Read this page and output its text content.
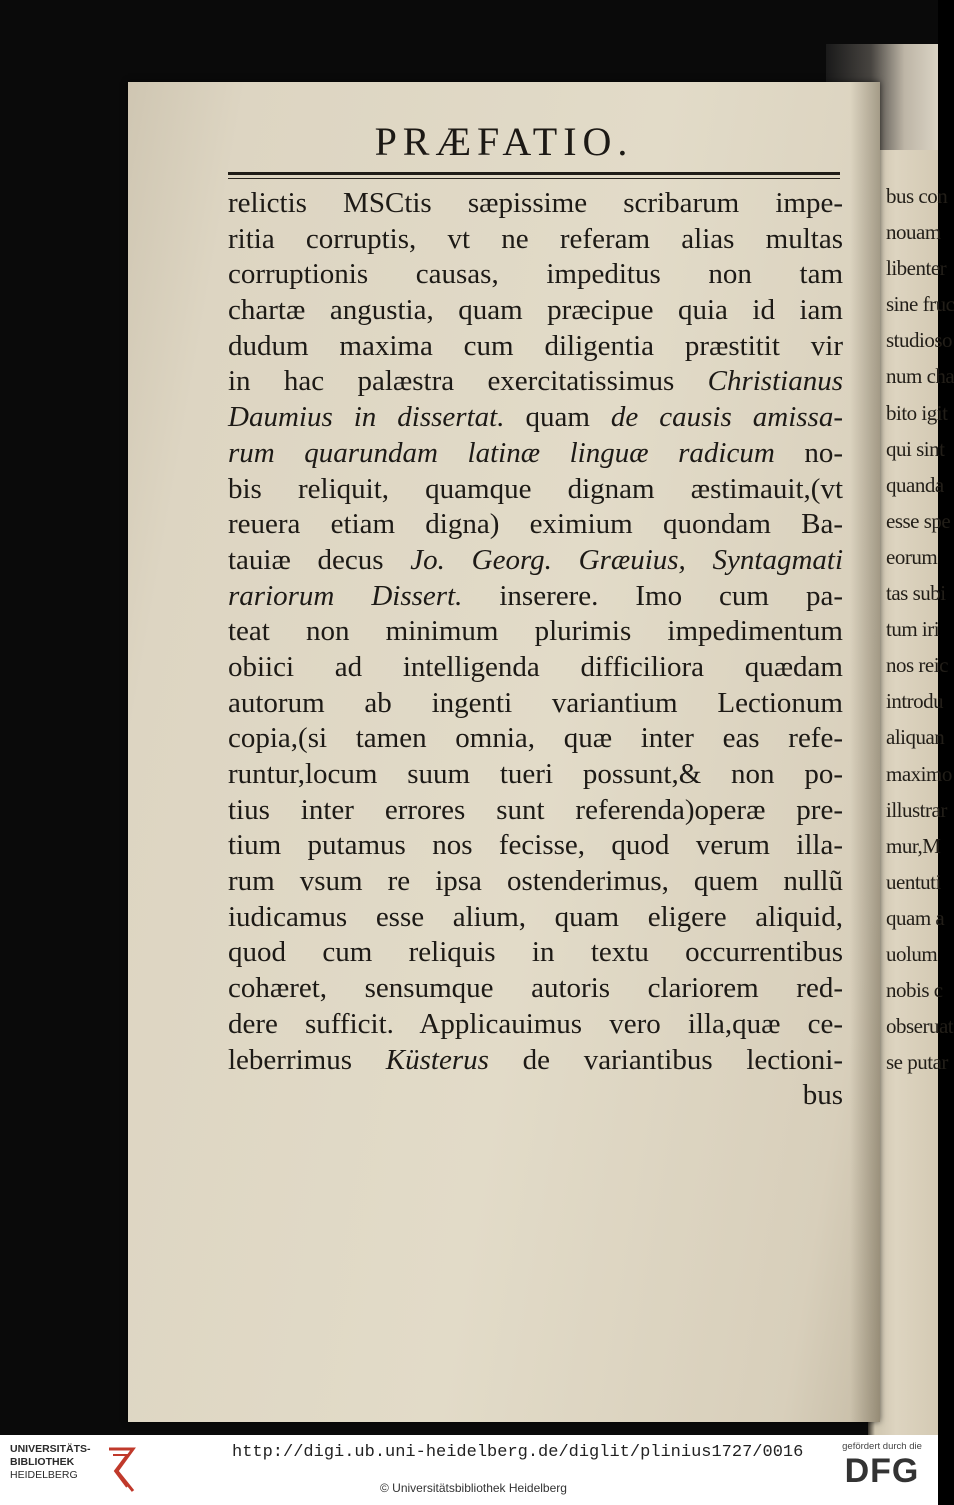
bus con
nouam
libenter
sine fruc
studioso
num cha
bito igit
qui sint
quanda
esse spe
eorum
tas subi
tum iri
nos reic
introdu
aliquan
maximo
illustrar
mur,M
uentuti
quam a
uolum
nobis c
obseruat
se putar
PRÆFATIO.
relictis MSCtis sæpissime scribarum impe-
ritia corruptis, vt ne referam alias multas
corruptionis causas, impeditus non tam
chartæ angustia, quam præcipue quia id iam
dudum maxima cum diligentia præstitit vir
in hac palæstra exercitatissimus Christianus
Daumius in dissertat. quam de causis amissa-
rum quarundam latinæ linguæ radicum no-
bis reliquit, quamque dignam æstimauit,(vt
reuera etiam digna) eximium quondam Ba-
tauiæ decus Jo. Georg. Græuius, Syntagmati
rariorum Dissert. inserere. Imo cum pa-
teat non minimum plurimis impedimentum
obiici ad intelligenda difficiliora quædam
autorum ab ingenti variantium Lectionum
copia,(si tamen omnia, quæ inter eas refe-
runtur,locum suum tueri possunt,& non po-
tius inter errores sunt referenda)operæ pre-
tium putamus nos fecisse, quod verum illa-
rum vsum re ipsa ostenderimus, quem nullũ
iudicamus esse alium, quam eligere aliquid,
quod cum reliquis in textu occurrentibus
cohæret, sensumque autoris clariorem red-
dere sufficit. Applicauimus vero illa,quæ ce-
leberrimus Küsterus de variantibus lectioni-
bus
UNIVERSITÄTS-
BIBLIOTHEK
HEIDELBERG
http://digi.ub.uni-heidelberg.de/diglit/plinius1727/0016
© Universitätsbibliothek Heidelberg
gefördert durch die
DFG
